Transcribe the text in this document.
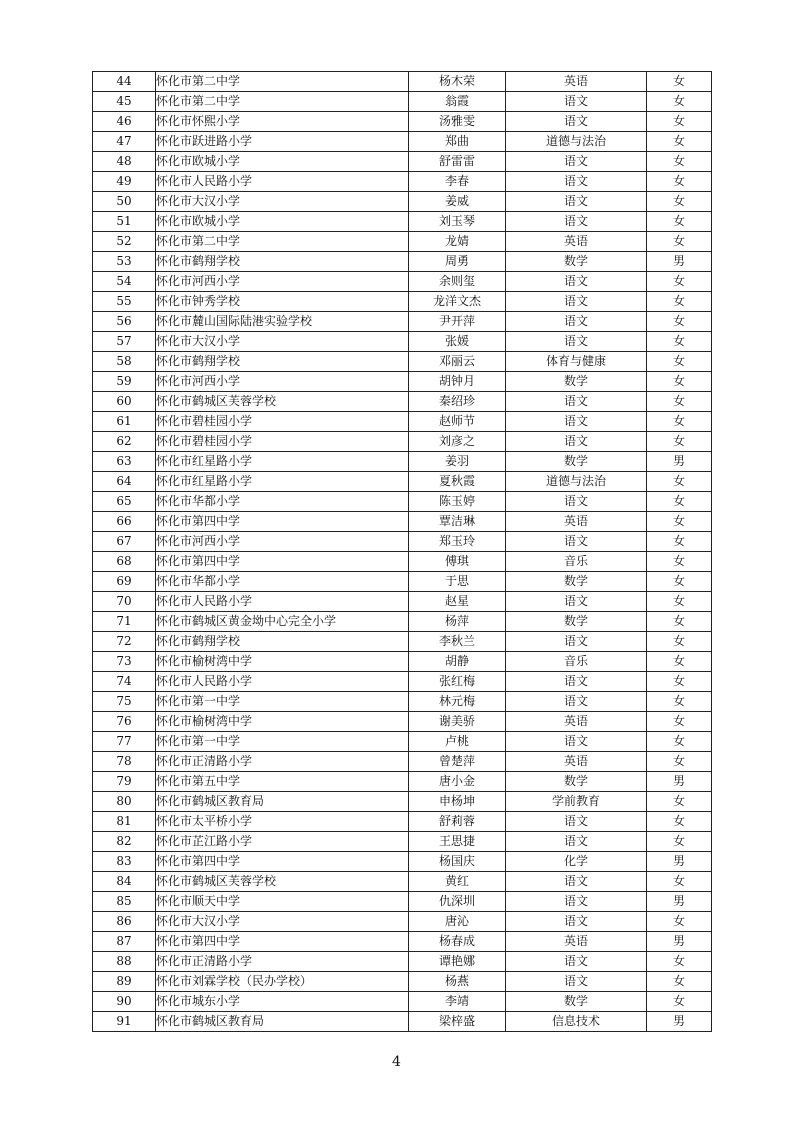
44	怀化市第二中学	杨木荣	英语	女
45	怀化市第二中学	翁霞	语文	女
46	怀化市怀熙小学	汤雅雯	语文	女
47	怀化市跃进路小学	郑曲	道德与法治	女
48	怀化市欧城小学	舒雷雷	语文	女
49	怀化市人民路小学	李春	语文	女
50	怀化市大汉小学	姜威	语文	女
51	怀化市欧城小学	刘玉琴	语文	女
52	怀化市第二中学	龙婧	英语	女
53	怀化市鹤翔学校	周勇	数学	男
54	怀化市河西小学	余则玺	语文	女
55	怀化市钟秀学校	龙洋文杰	语文	女
56	怀化市麓山国际陆港实验学校	尹开萍	语文	女
57	怀化市大汉小学	张媛	语文	女
58	怀化市鹤翔学校	邓丽云	体育与健康	女
59	怀化市河西小学	胡钟月	数学	女
60	怀化市鹤城区芙蓉学校	秦绍珍	语文	女
61	怀化市碧桂园小学	赵师节	语文	女
62	怀化市碧桂园小学	刘彦之	语文	女
63	怀化市红星路小学	姜羽	数学	男
64	怀化市红星路小学	夏秋霞	道德与法治	女
65	怀化市华都小学	陈玉婷	语文	女
66	怀化市第四中学	覃洁琳	英语	女
67	怀化市河西小学	郑玉玲	语文	女
68	怀化市第四中学	傅琪	音乐	女
69	怀化市华都小学	于思	数学	女
70	怀化市人民路小学	赵星	语文	女
71	怀化市鹤城区黄金坳中心完全小学	杨萍	数学	女
72	怀化市鹤翔学校	李秋兰	语文	女
73	怀化市榆树湾中学	胡静	音乐	女
74	怀化市人民路小学	张红梅	语文	女
75	怀化市第一中学	林元梅	语文	女
76	怀化市榆树湾中学	谢美骄	英语	女
77	怀化市第一中学	卢桃	语文	女
78	怀化市正清路小学	曾楚萍	英语	女
79	怀化市第五中学	唐小金	数学	男
80	怀化市鹤城区教育局	申杨坤	学前教育	女
81	怀化市太平桥小学	舒莉蓉	语文	女
82	怀化市芷江路小学	王思捷	语文	女
83	怀化市第四中学	杨国庆	化学	男
84	怀化市鹤城区芙蓉学校	黄红	语文	女
85	怀化市顺天中学	仇深圳	语文	男
86	怀化市大汉小学	唐沁	语文	女
87	怀化市第四中学	杨春成	英语	男
88	怀化市正清路小学	谭艳娜	语文	女
89	怀化市刘霖学校（民办学校）	杨燕	语文	女
90	怀化市城东小学	李靖	数学	女
91	怀化市鹤城区教育局	梁梓盛	信息技术	男
4
